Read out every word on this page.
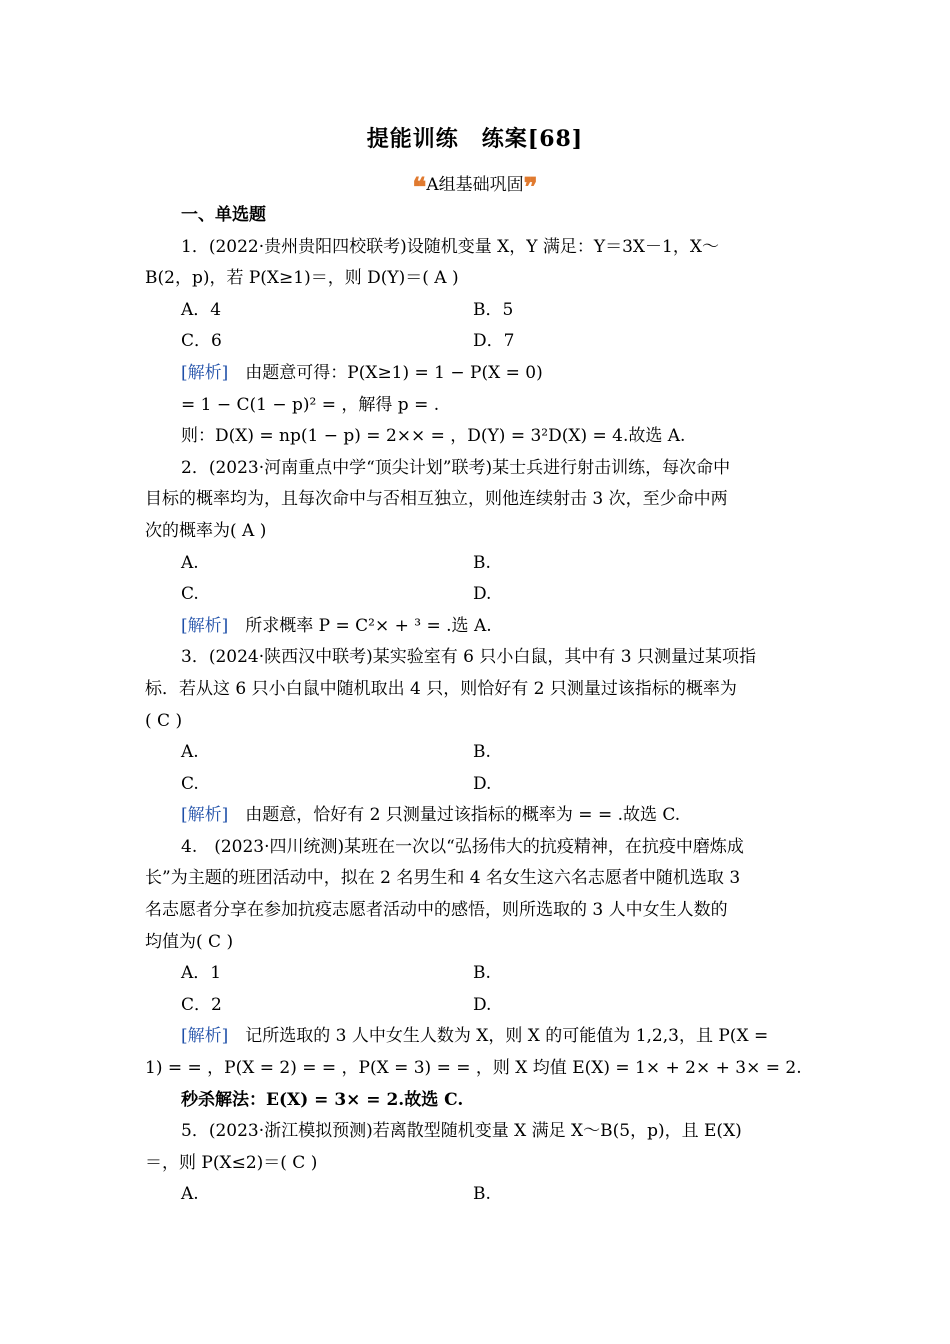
提能训练　练案[68]
❝A组基础巩固❞

一、单选题

1．(2022·贵州贵阳四校联考)设随机变量 X，Y 满足：Y＝3X－1，X～

B(2，p)，若 P(X≥1)＝，则 D(Y)＝( A )

A．4	B．5
C．6	D．7

[解析]　由题意可得：P(X≥1) = 1 − P(X = 0)

= 1 − C(1 − p)² = ，解得 p = .

则：D(X) = np(1 − p) = 2×× = ，D(Y) = 3²D(X) = 4.故选 A.

2．(2023·河南重点中学“顶尖计划”联考)某士兵进行射击训练，每次命中

目标的概率均为，且每次命中与否相互独立，则他连续射击 3 次，至少命中两

次的概率为( A )

A.	B.
C.	D.

[解析]　所求概率 P = C²× + ³ = .选 A.

3．(2024·陕西汉中联考)某实验室有 6 只小白鼠，其中有 3 只测量过某项指

标．若从这 6 只小白鼠中随机取出 4 只，则恰好有 2 只测量过该指标的概率为

( C )

A.	B.
C.	D.

[解析]　由题意，恰好有 2 只测量过该指标的概率为 = = .故选 C.

4.　(2023·四川统测)某班在一次以“弘扬伟大的抗疫精神，在抗疫中磨炼成

长”为主题的班团活动中，拟在 2 名男生和 4 名女生这六名志愿者中随机选取 3

名志愿者分享在参加抗疫志愿者活动中的感悟，则所选取的 3 人中女生人数的

均值为( C )

A．1	B.
C．2	D.

[解析]　记所选取的 3 人中女生人数为 X，则 X 的可能值为 1,2,3，且 P(X =

1) = = ，P(X = 2) = = ，P(X = 3) = = ，则 X 均值 E(X) = 1× + 2× + 3× = 2.

秒杀解法：E(X) = 3× = 2.故选 C.

5．(2023·浙江模拟预测)若离散型随机变量 X 满足 X～B(5，p)，且 E(X)

＝，则 P(X≤2)＝( C )

A.	B.
